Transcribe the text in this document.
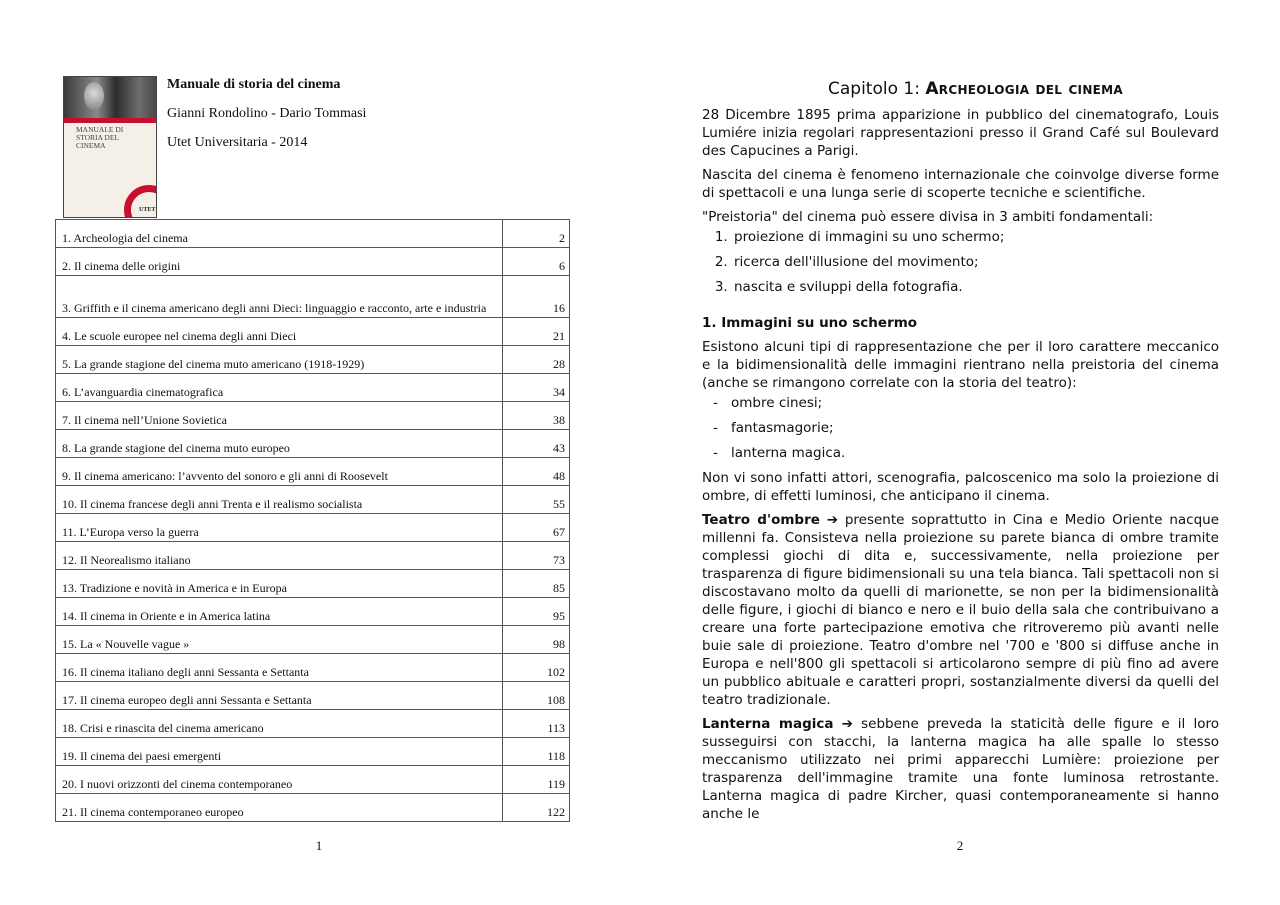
MANUALE DI STORIA DEL CINEMA
UTET
Manuale di storia del cinema
Gianni Rondolino - Dario Tommasi
Utet Universitaria - 2014
1. Archeologia del cinema	2

2. Il cinema delle origini	6

3. Griffith e il cinema americano degli anni Dieci: linguaggio e racconto, arte e industria	16

4. Le scuole europee nel cinema degli anni Dieci	21

5. La grande stagione del cinema muto americano (1918-1929)	28

6. L’avanguardia cinematografica	34

7. Il cinema nell’Unione Sovietica	38

8. La grande stagione del cinema muto europeo	43

9. Il cinema americano: l’avvento del sonoro e gli anni di Roosevelt	48

10. Il cinema francese degli anni Trenta e il realismo socialista	55

11. L’Europa verso la guerra	67

12. Il Neorealismo italiano	73

13. Tradizione e novità in America e in Europa	85

14. Il cinema in Oriente e in America latina	95

15. La « Nouvelle vague »	98

16. Il cinema italiano degli anni Sessanta e Settanta	102

17. Il cinema europeo degli anni Sessanta e Settanta	108

18. Crisi e rinascita del cinema americano	113

19. Il cinema dei paesi emergenti	118

20. I nuovi orizzonti del cinema contemporaneo	119

21. Il cinema contemporaneo europeo	122
1
Capitolo 1: Archeologia del cinema

28 Dicembre 1895 prima apparizione in pubblico del cinematografo, Louis Lumiére inizia regolari rappresentazioni presso il Grand Café sul Boulevard des Capucines a Parigi.

Nascita del cinema è fenomeno internazionale che coinvolge diverse forme di spettacoli e una lunga serie di scoperte tecniche e scientifiche.

"Preistoria" del cinema può essere divisa in 3 ambiti fondamentali:

1. proiezione di immagini su uno schermo;
2. ricerca dell'illusione del movimento;
3. nascita e sviluppi della fotografia.
1. Immagini su uno schermo

Esistono alcuni tipi di rappresentazione che per il loro carattere meccanico e la bidimensionalità delle immagini rientrano nella preistoria del cinema (anche se rimangono correlate con la storia del teatro):

- ombre cinesi;
- fantasmagorie;
- lanterna magica.

Non vi sono infatti attori, scenografia, palcoscenico ma solo la proiezione di ombre, di effetti luminosi, che anticipano il cinema.

Teatro d'ombre ➔ presente soprattutto in Cina e Medio Oriente nacque millenni fa. Consisteva nella proiezione su parete bianca di ombre tramite complessi giochi di dita e, successivamente, nella proiezione per trasparenza di figure bidimensionali su una tela bianca. Tali spettacoli non si discostavano molto da quelli di marionette, se non per la bidimensionalità delle figure, i giochi di bianco e nero e il buio della sala che contribuivano a creare una forte partecipazione emotiva che ritroveremo più avanti nelle buie sale di proiezione. Teatro d'ombre nel '700 e '800 si diffuse anche in Europa e nell'800 gli spettacoli si articolarono sempre di più fino ad avere un pubblico abituale e caratteri propri, sostanzialmente diversi da quelli del teatro tradizionale.

Lanterna magica ➔ sebbene preveda la staticità delle figure e il loro susseguirsi con stacchi, la lanterna magica ha alle spalle lo stesso meccanismo utilizzato nei primi apparecchi Lumière: proiezione per trasparenza dell'immagine tramite una fonte luminosa retrostante. Lanterna magica di padre Kircher, quasi contemporaneamente si hanno anche le

2
